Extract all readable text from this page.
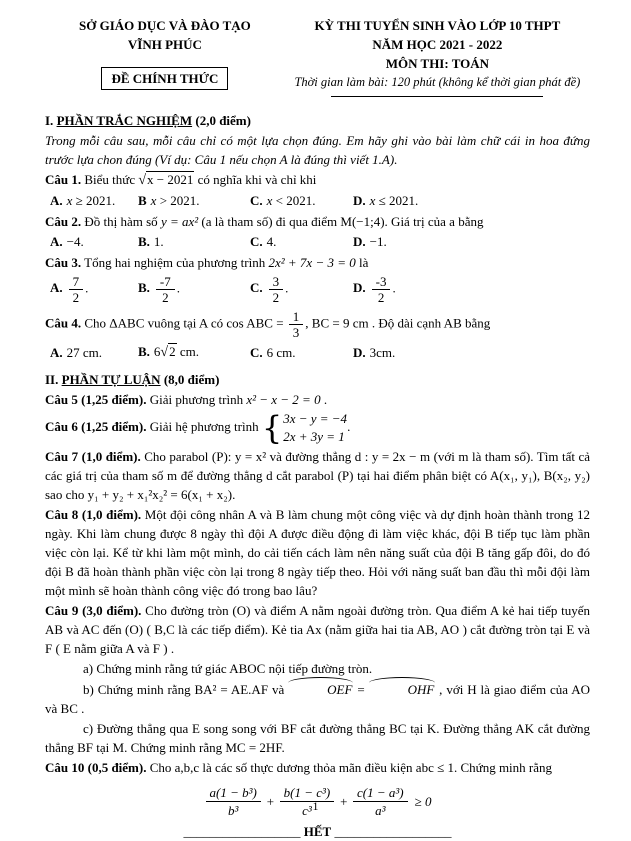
SỞ GIÁO DỤC VÀ ĐÀO TẠO
VĨNH PHÚC
ĐỀ CHÍNH THỨC
KỲ THI TUYỂN SINH VÀO LỚP 10 THPT
NĂM HỌC 2021 - 2022
MÔN THI: TOÁN
Thời gian làm bài: 120 phút (không kể thời gian phát đề)

I. PHẦN TRẮC NGHIỆM (2,0 điểm)

Trong mỗi câu sau, mỗi câu chỉ có một lựa chọn đúng. Em hãy ghi vào bài làm chữ cái in hoa đứng trước lựa chon đúng (Ví dụ: Câu 1 nếu chọn A là đúng thì viết 1.A).

Câu 1. Biểu thức √x − 2021 có nghĩa khi và chỉ khi

A. x ≥ 2021.	B x > 2021.	C. x < 2021.	D. x ≤ 2021.

Câu 2. Đồ thị hàm số y = ax² (a là tham số) đi qua điểm M(−1;4). Giá trị của a bằng

A. −4.	B. 1.	C. 4.	D. −1.

Câu 3. Tổng hai nghiệm của phương trình 2x² + 7x − 3 = 0 là

A. $\frac{7}{2}$ .	B. $\frac{-7}{2}$ .	C. $\frac{3}{2}$ .	D. $\frac{-3}{2}$ .

Câu 4. Cho ΔABC vuông tại A có cos ABC = $\frac{1}{3}$ , BC = 9 cm . Độ dài cạnh AB bằng

A. 27 cm.	B. 6√2 cm.	C. 6 cm.	D. 3cm.

II. PHẦN TỰ LUẬN (8,0 điểm)

Câu 5 (1,25 điểm). Giải phương trình x² − x − 2 = 0 .

Câu 6 (1,25 điểm). Giải hệ phương trình { 3x − y = −4
2x + 3y = 1
.

Câu 7 (1,0 điểm). Cho parabol (P): y = x² và đường thẳng d : y = 2x − m (với m là tham số). Tìm tất cả các giá trị của tham số m để đường thẳng d cắt parabol (P) tại hai điểm phân biệt có A(x₁, y₁), B(x₂, y₂) sao cho y₁ + y₂ + x₁²x₂² = 6(x₁ + x₂).

Câu 8 (1,0 điểm). Một đội công nhân A và B làm chung một công việc và dự định hoàn thành trong 12 ngày. Khi làm chung được 8 ngày thì đội A được điều động đi làm việc khác, đội B tiếp tục làm phần việc còn lại. Kể từ khi làm một mình, do cải tiến cách làm nên năng suất của đội B tăng gấp đôi, do đó đội B đã hoàn thành phần việc còn lại trong 8 ngày tiếp theo. Hỏi với năng suất ban đầu thì mỗi đội làm một mình sẽ hoàn thành công việc đó trong bao lâu?

Câu 9 (3,0 điểm). Cho đường tròn (O) và điểm A nằm ngoài đường tròn. Qua điểm A kẻ hai tiếp tuyến AB và AC đến (O) ( B,C là các tiếp điểm). Kẻ tia Ax (nằm giữa hai tia AB, AO ) cắt đường tròn tại E và F ( E nằm giữa A và F ) .

a) Chứng minh rằng tứ giác ABOC nội tiếp đường tròn.

b) Chứng minh rằng BA² = AE.AF và	OEF =	OHF , với H là giao điểm của AO và BC .

c) Đường thẳng qua E song song với BF cắt đường thẳng BC tại K. Đường thẳng AK cắt đường thẳng BF tại M. Chứng minh rằng MC = 2HF.

Câu 10 (0,5 điểm). Cho a,b,c là các số thực dương thỏa mãn điều kiện abc ≤ 1. Chứng minh rằng

$\frac{\text{a(1 − b³)}}{\text{b³}} + \frac{\text{b(1 − c³)}}{\text{c³}} + \frac{\text{c(1 − a³)}}{\text{a³}} \ge 0$
__________________ HẾT __________________
1
